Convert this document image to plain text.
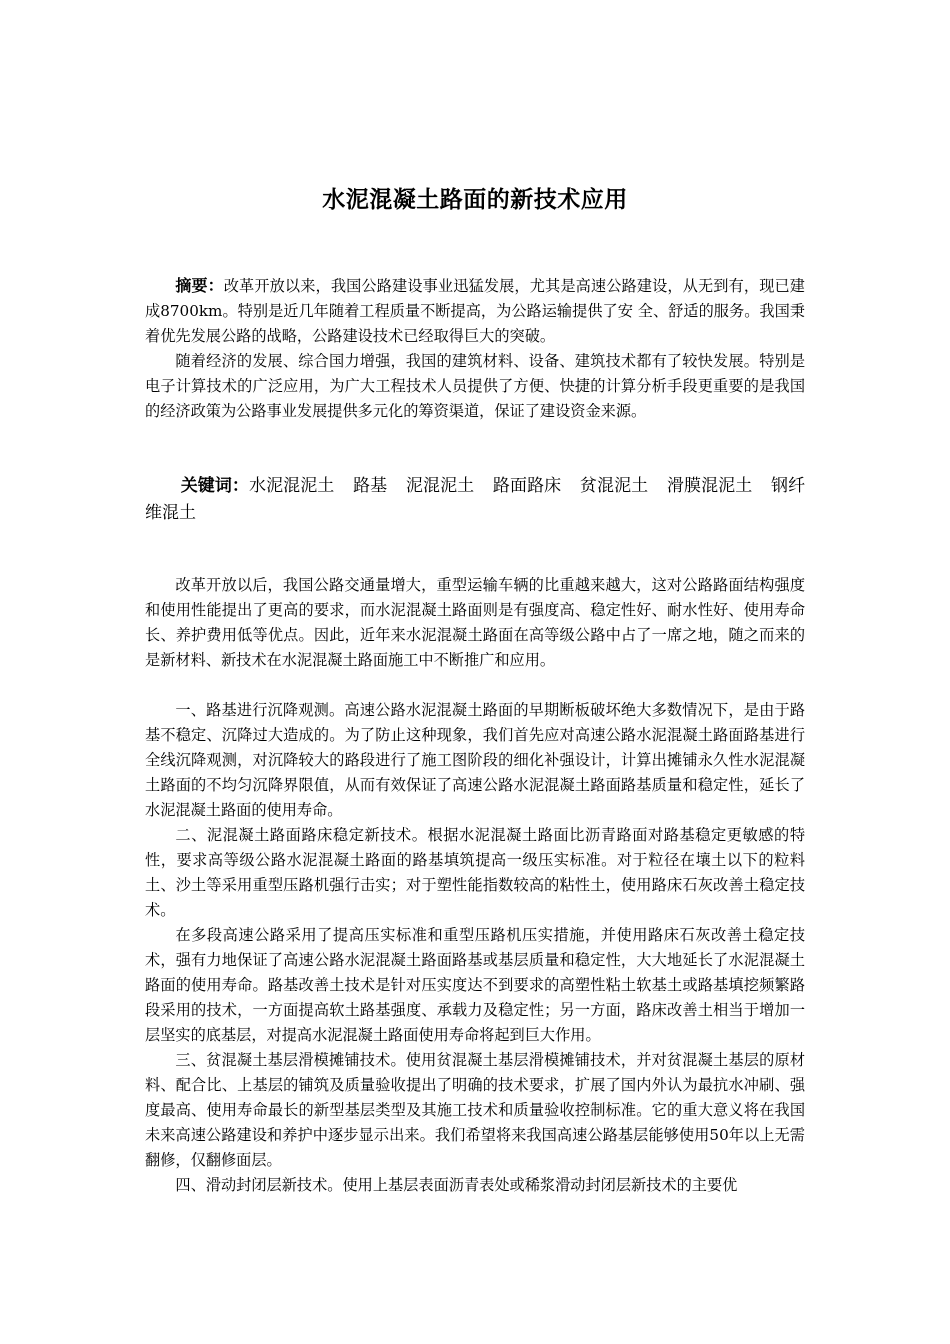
水泥混凝土路面的新技术应用

摘要：改革开放以来，我国公路建设事业迅猛发展，尤其是高速公路建设，从无到有，现已建成8700km。特别是近几年随着工程质量不断提高，为公路运输提供了安 全、舒适的服务。我国秉着优先发展公路的战略，公路建设技术已经取得巨大的突破。

随着经济的发展、综合国力增强，我国的建筑材料、设备、建筑技术都有了较快发展。特别是电子计算技术的广泛应用，为广大工程技术人员提供了方便、快捷的计算分析手段更重要的是我国的经济政策为公路事业发展提供多元化的筹资渠道，保证了建设资金来源。

关键词：水泥混泥土 路基 泥混泥土 路面路床 贫混泥土 滑膜混泥土 钢纤维混土

改革开放以后，我国公路交通量增大，重型运输车辆的比重越来越大，这对公路路面结构强度和使用性能提出了更高的要求，而水泥混凝土路面则是有强度高、稳定性好、耐水性好、使用寿命长、养护费用低等优点。因此，近年来水泥混凝土路面在高等级公路中占了一席之地，随之而来的是新材料、新技术在水泥混凝土路面施工中不断推广和应用。

一、路基进行沉降观测。高速公路水泥混凝土路面的早期断板破坏绝大多数情况下，是由于路基不稳定、沉降过大造成的。为了防止这种现象，我们首先应对高速公路水泥混凝土路面路基进行全线沉降观测，对沉降较大的路段进行了施工图阶段的细化补强设计，计算出摊铺永久性水泥混凝土路面的不均匀沉降界限值，从而有效保证了高速公路水泥混凝土路面路基质量和稳定性，延长了水泥混凝土路面的使用寿命。

二、泥混凝土路面路床稳定新技术。根据水泥混凝土路面比沥青路面对路基稳定更敏感的特性，要求高等级公路水泥混凝土路面的路基填筑提高一级压实标准。对于粒径在壤土以下的粒料土、沙土等采用重型压路机强行击实；对于塑性能指数较高的粘性土，使用路床石灰改善土稳定技术。

在多段高速公路采用了提高压实标准和重型压路机压实措施，并使用路床石灰改善土稳定技术，强有力地保证了高速公路水泥混凝土路面路基或基层质量和稳定性，大大地延长了水泥混凝土路面的使用寿命。路基改善土技术是针对压实度达不到要求的高塑性粘土软基土或路基填挖频繁路段采用的技术，一方面提高软土路基强度、承载力及稳定性；另一方面，路床改善土相当于增加一层坚实的底基层，对提高水泥混凝土路面使用寿命将起到巨大作用。

三、贫混凝土基层滑模摊铺技术。使用贫混凝土基层滑模摊铺技术，并对贫混凝土基层的原材料、配合比、上基层的铺筑及质量验收提出了明确的技术要求，扩展了国内外认为最抗水冲刷、强度最高、使用寿命最长的新型基层类型及其施工技术和质量验收控制标准。它的重大意义将在我国未来高速公路建设和养护中逐步显示出来。我们希望将来我国高速公路基层能够使用50年以上无需翻修，仅翻修面层。

四、滑动封闭层新技术。使用上基层表面沥青表处或稀浆滑动封闭层新技术的主要优
